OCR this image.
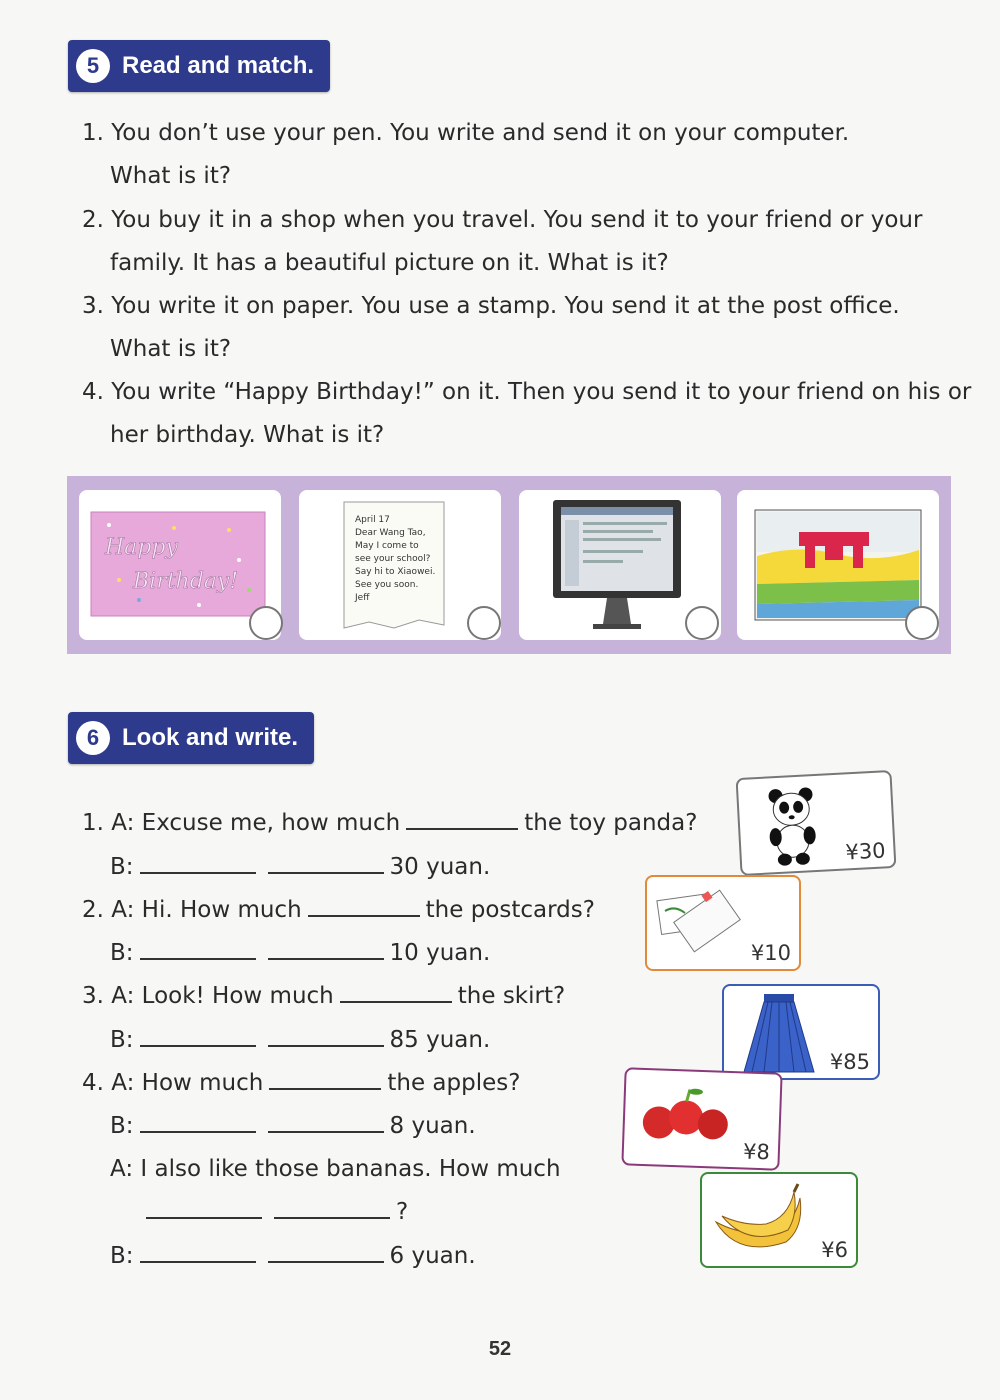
5 Read and match.
1. You don’t use your pen. You write and send it on your computer.
What is it?
2. You buy it in a shop when you travel. You send it to your friend or your
family. It has a beautiful picture on it. What is it?
3. You write it on paper. You use a stamp. You send it at the post office.
What is it?
4. You write “Happy Birthday!” on it. Then you send it to your friend on his or
her birthday. What is it?
Happy
Birthday!
April 17
Dear Wang Tao,
May I come to
see your school?
Say hi to Xiaowei.
See you soon.
Jeff
6 Look and write.
1. A: Excuse me, how much	the toy panda?
B:	30 yuan.
2. A: Hi. How much	the postcards?
B:	10 yuan.
3. A: Look! How much	the skirt?
B:	85 yuan.
4. A: How much	the apples?
B:	8 yuan.
A: I also like those bananas. How much
?
B:	6 yuan.
¥30
¥10
¥85
¥8
¥6
52
